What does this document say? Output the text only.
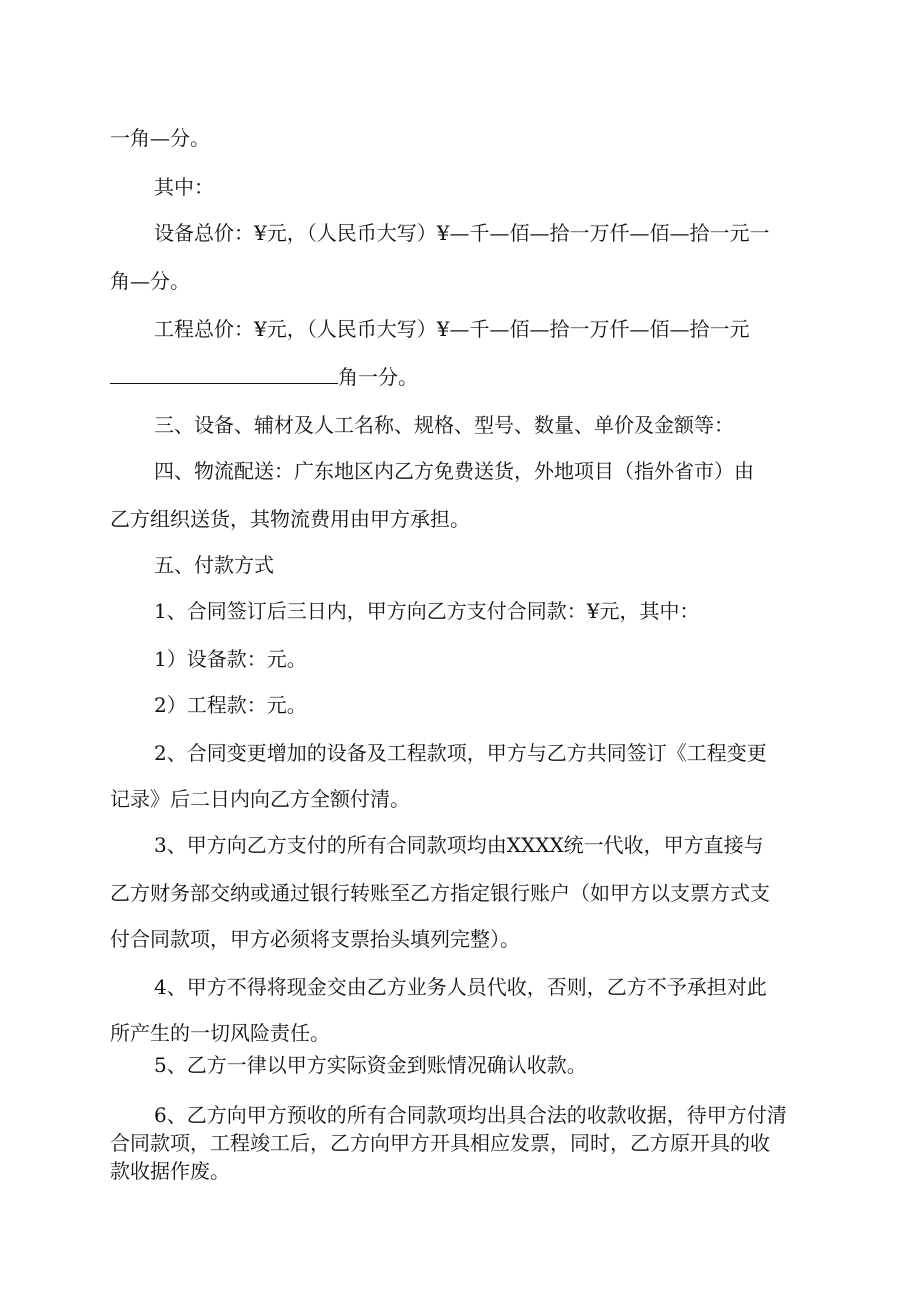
一角—分。
其中：
设备总价：¥元，（人民币大写）¥—千—佰—拾一万仟—佰—拾一元一
角—分。
工程总价：¥元，（人民币大写）¥—千—佰—拾一万仟—佰—拾一元
角一分。
三、设备、辅材及人工名称、规格、型号、数量、单价及金额等：
四、物流配送：广东地区内乙方免费送货，外地项目（指外省市）由
乙方组织送货，其物流费用由甲方承担。
五、付款方式
1、合同签订后三日内，甲方向乙方支付合同款：¥元，其中：
1）设备款：元。
2）工程款：元。
2、合同变更增加的设备及工程款项，甲方与乙方共同签订《工程变更
记录》后二日内向乙方全额付清。
3、甲方向乙方支付的所有合同款项均由XXXX统一代收，甲方直接与
乙方财务部交纳或通过银行转账至乙方指定银行账户（如甲方以支票方式支
付合同款项，甲方必须将支票抬头填列完整）。
4、甲方不得将现金交由乙方业务人员代收，否则，乙方不予承担对此
所产生的一切风险责任。
5、乙方一律以甲方实际资金到账情况确认收款。
6、乙方向甲方预收的所有合同款项均出具合法的收款收据，待甲方付清
合同款项，工程竣工后，乙方向甲方开具相应发票，同时，乙方原开具的收
款收据作废。
